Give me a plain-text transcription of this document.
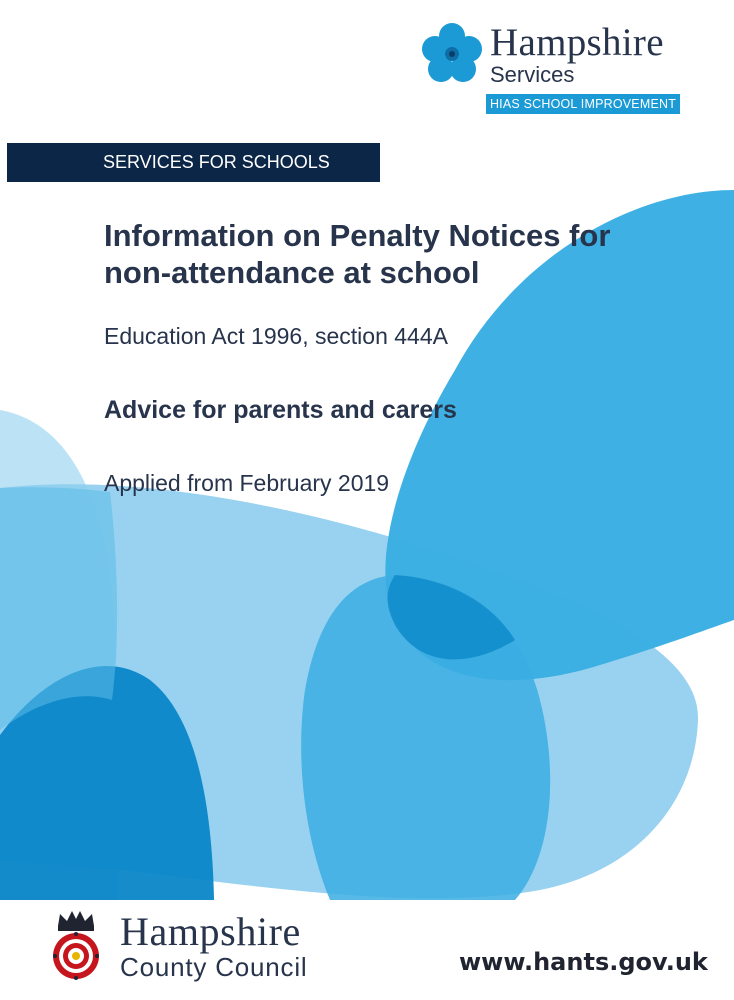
Hampshire
Services
HIAS SCHOOL IMPROVEMENT
SERVICES FOR SCHOOLS
Information on Penalty Notices for non-attendance at school
Education Act 1996, section 444A
Advice for parents and carers
Applied from February 2019
Hampshire
County Council	www.hants.gov.uk
